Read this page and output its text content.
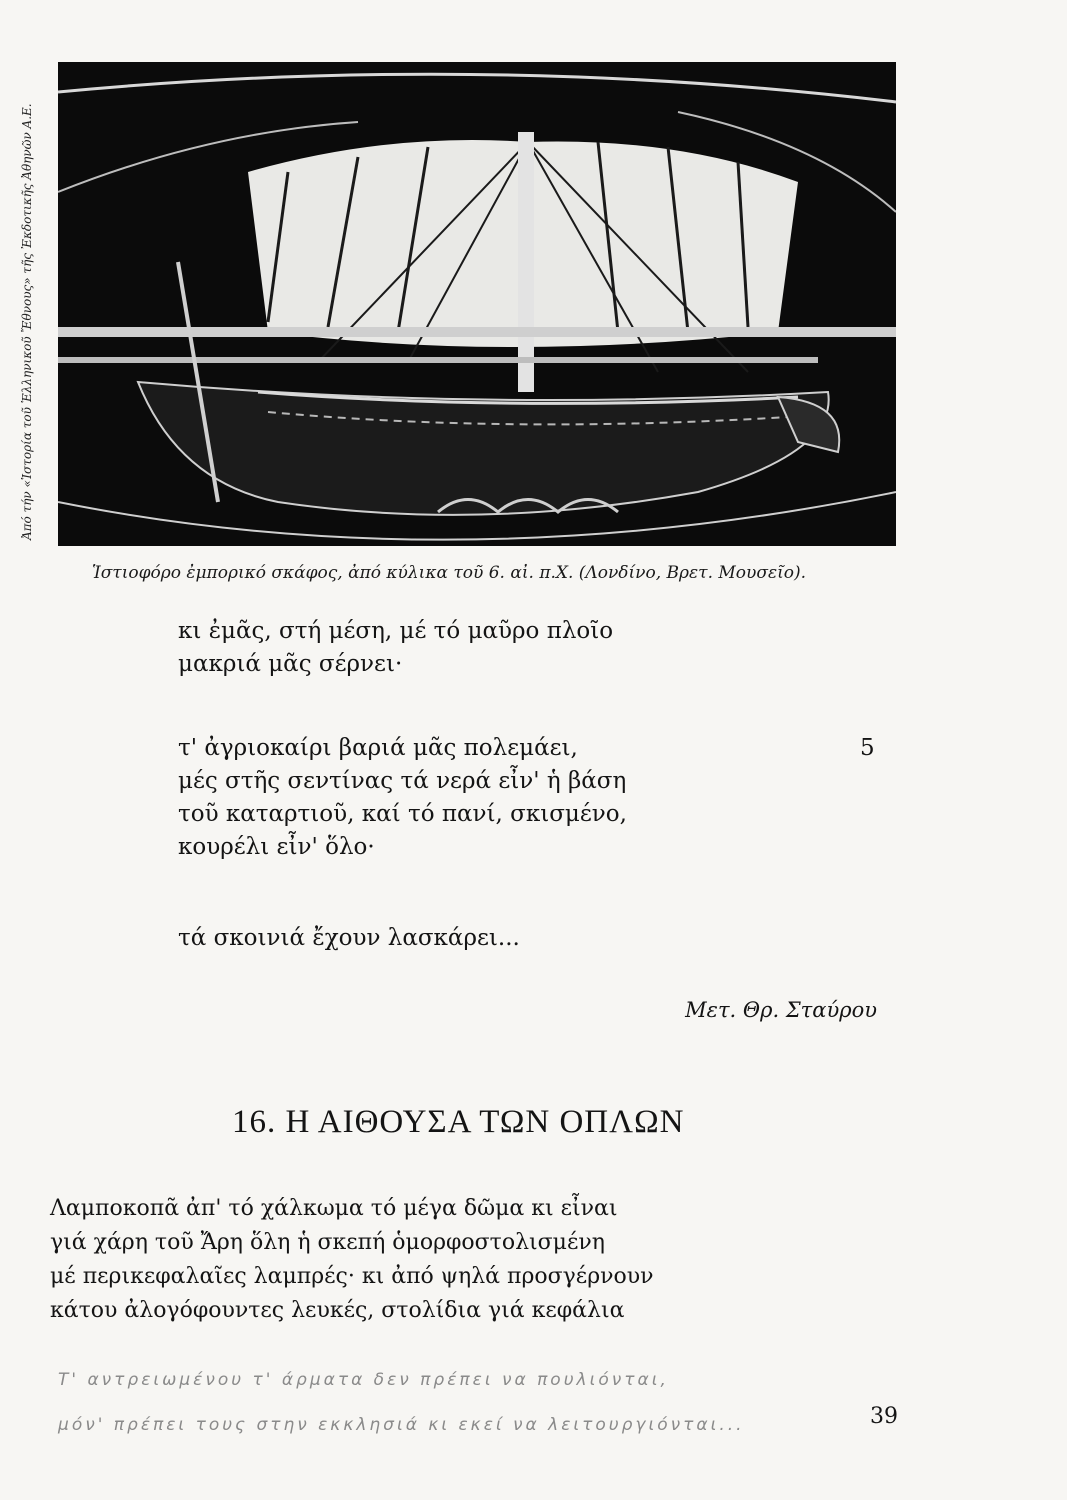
Ἀπό τήν «Ἱστορία τοῦ Ἑλληνικοῦ Ἔθνους» τῆς Ἐκδοτικῆς Ἀθηνῶν Α.Ε.
Ἱστιοφόρο ἐμπορικό σκάφος, ἀπό κύλικα τοῦ 6. αἰ. π.Χ. (Λονδίνο, Βρετ. Μουσεῖο).
κι ἐμᾶς, στή μέση, μέ τό μαῦρο πλοῖο
μακριά μᾶς σέρνει·
τ' ἀγριοκαίρι βαριά μᾶς πολεμάει,
μές στῆς σεντίνας τά νερά εἶν' ἡ βάση
τοῦ καταρτιοῦ, καί τό πανί, σκισμένο,
κουρέλι εἶν' ὅλο·
5
τά σκοινιά ἔχουν λασκάρει...
Μετ. Θρ. Σταύρου
16. Η ΑΙΘΟΥΣΑ ΤΩΝ ΟΠΛΩΝ
Λαμποκοπᾶ ἀπ' τό χάλκωμα τό μέγα δῶμα κι εἶναι
γιά χάρη τοῦ Ἄρη ὅλη ἡ σκεπή ὁμορφοστολισμένη
μέ περικεφαλαῖες λαμπρές· κι ἀπό ψηλά προσγέρνουν
κάτου ἀλογόφουντες λευκές, στολίδια γιά κεφάλια
Τ' αντρειωμένου τ' άρματα δεν πρέπει να πουλιόνται,
μόν' πρέπει τους στην εκκλησιά κι εκεί να λειτουργιόνται...	39
